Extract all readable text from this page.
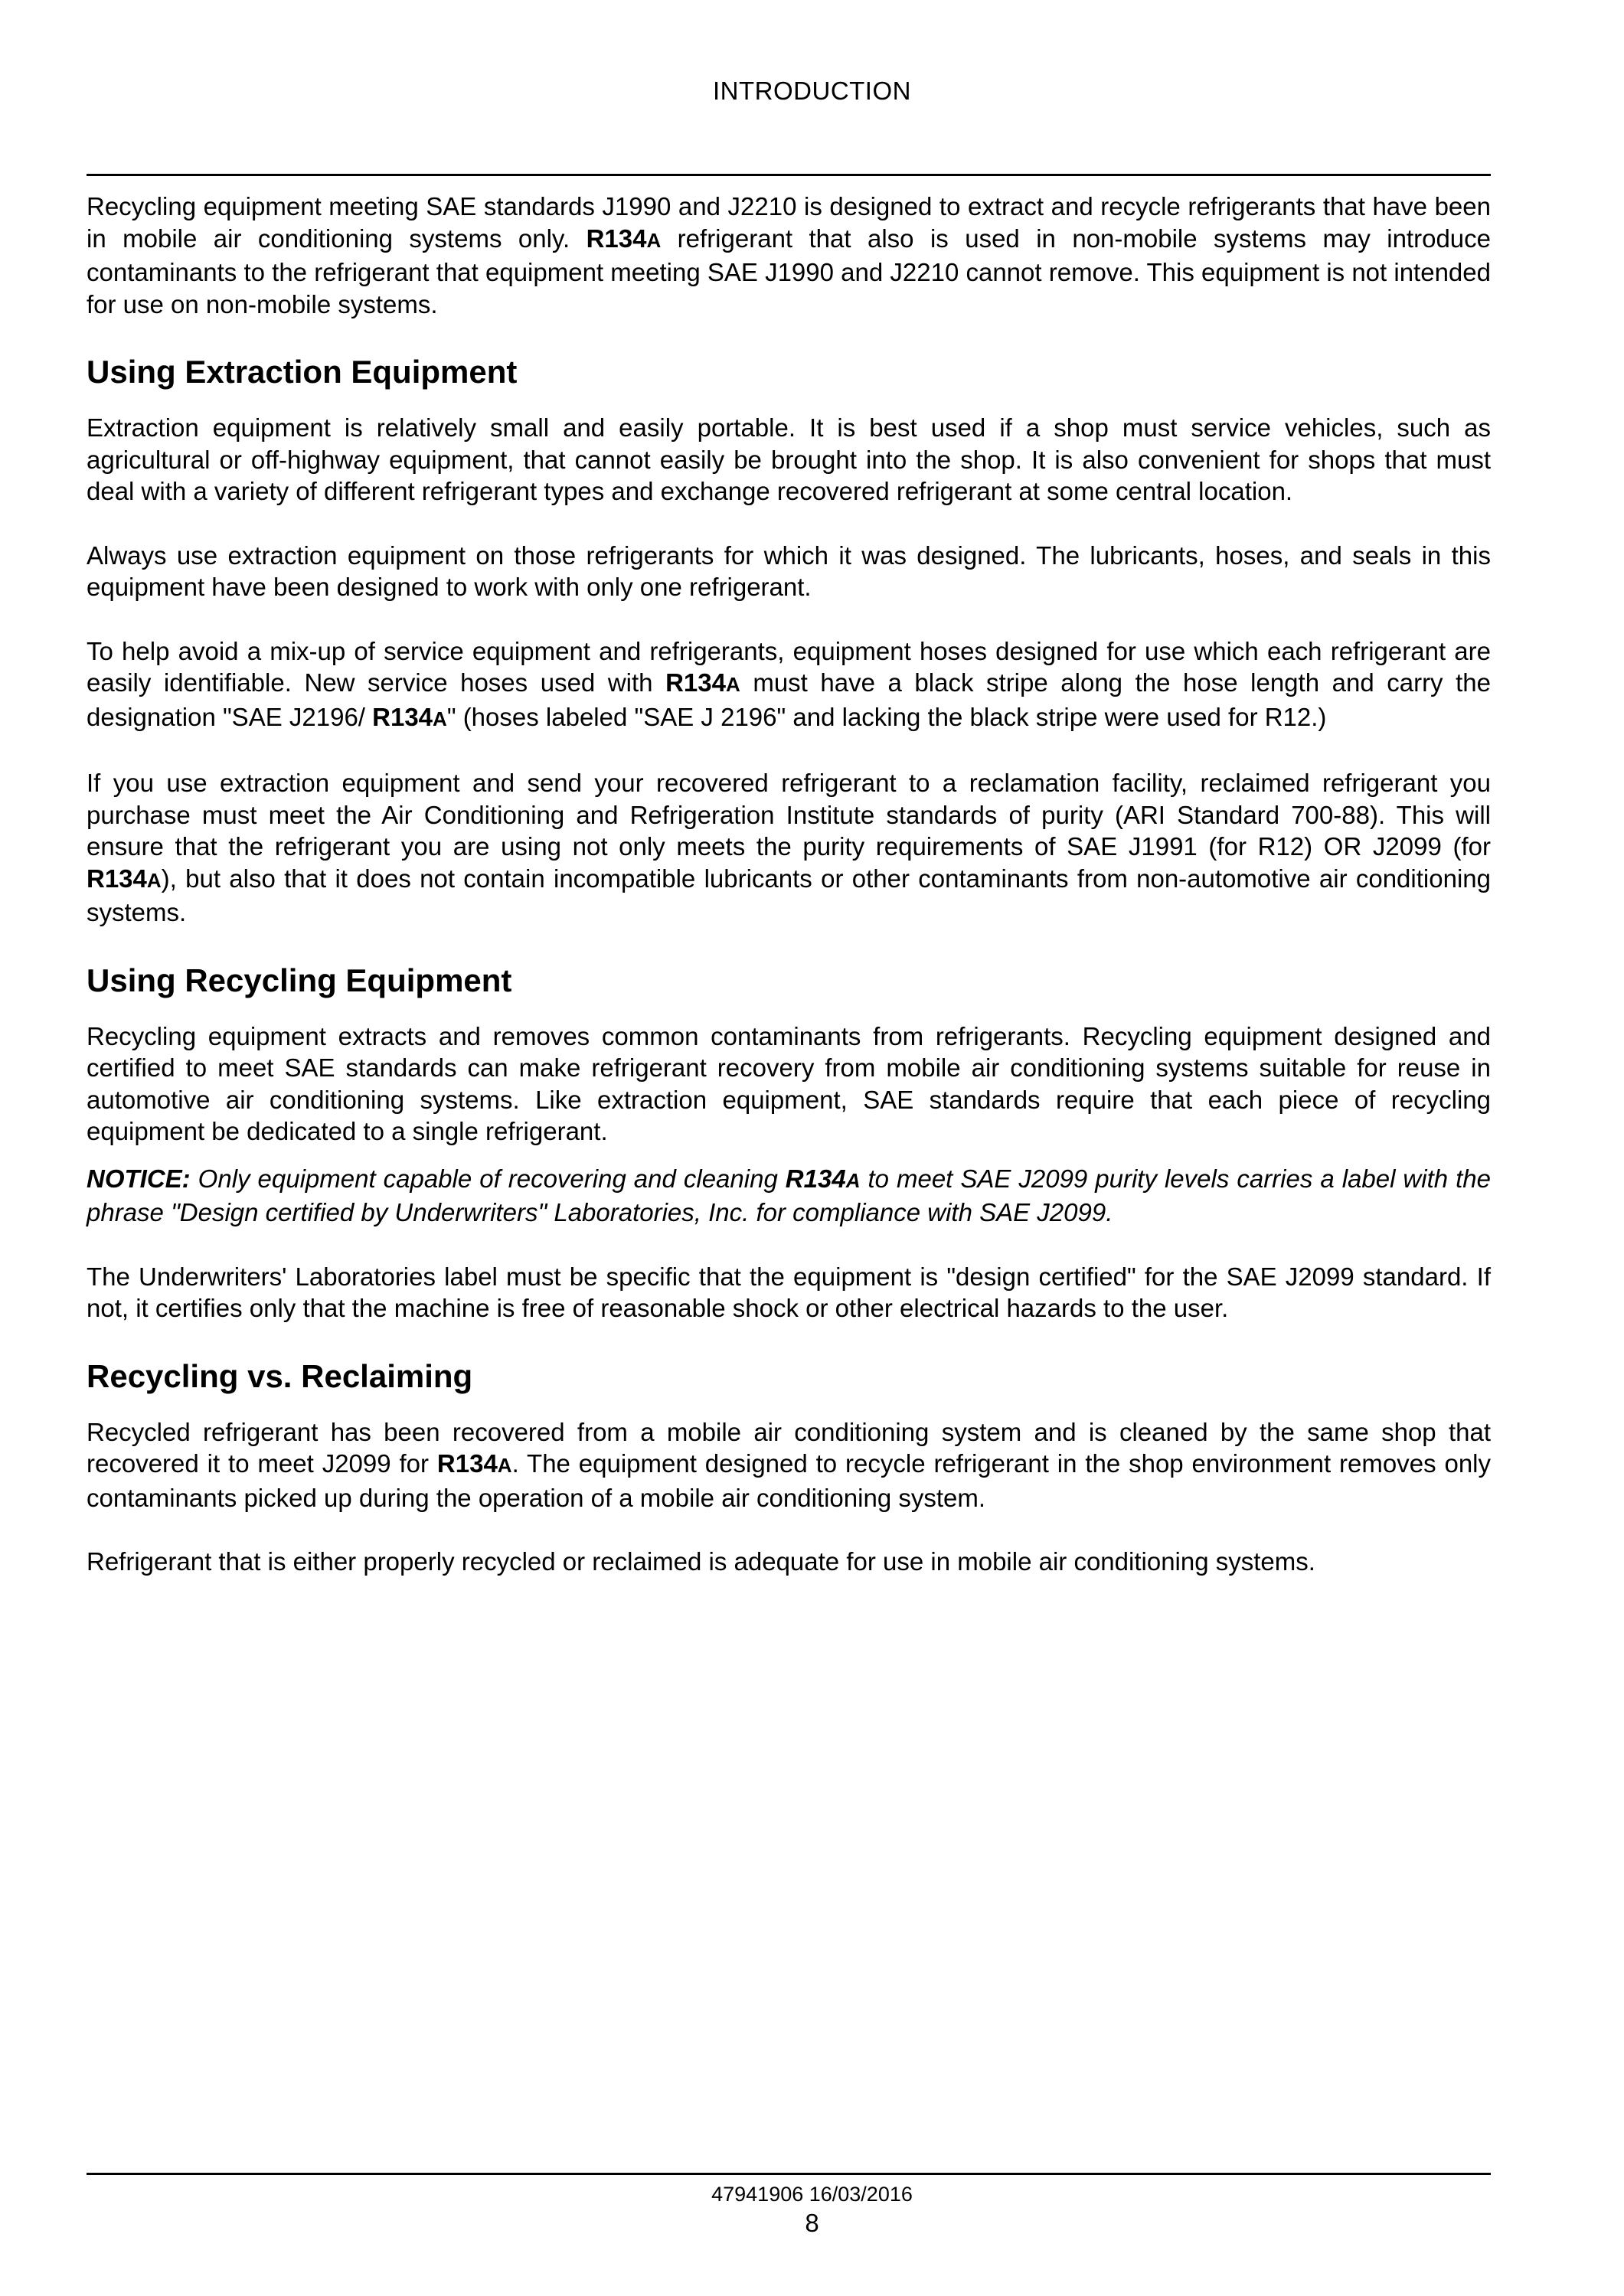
INTRODUCTION

Recycling equipment meeting SAE standards J1990 and J2210 is designed to extract and recycle refrigerants that have been in mobile air conditioning systems only. R134A refrigerant that also is used in non-mobile systems may introduce contaminants to the refrigerant that equipment meeting SAE J1990 and J2210 cannot remove. This equipment is not intended for use on non-mobile systems.

Using Extraction Equipment

Extraction equipment is relatively small and easily portable. It is best used if a shop must service vehicles, such as agricultural or off-highway equipment, that cannot easily be brought into the shop. It is also convenient for shops that must deal with a variety of different refrigerant types and exchange recovered refrigerant at some central location.

Always use extraction equipment on those refrigerants for which it was designed. The lubricants, hoses, and seals in this equipment have been designed to work with only one refrigerant.

To help avoid a mix-up of service equipment and refrigerants, equipment hoses designed for use which each refrigerant are easily identifiable. New service hoses used with R134A must have a black stripe along the hose length and carry the designation "SAE J2196/ R134A" (hoses labeled "SAE J 2196" and lacking the black stripe were used for R12.)

If you use extraction equipment and send your recovered refrigerant to a reclamation facility, reclaimed refrigerant you purchase must meet the Air Conditioning and Refrigeration Institute standards of purity (ARI Standard 700-88). This will ensure that the refrigerant you are using not only meets the purity requirements of SAE J1991 (for R12) OR J2099 (for R134A), but also that it does not contain incompatible lubricants or other contaminants from non-automotive air conditioning systems.

Using Recycling Equipment

Recycling equipment extracts and removes common contaminants from refrigerants. Recycling equipment designed and certified to meet SAE standards can make refrigerant recovery from mobile air conditioning systems suitable for reuse in automotive air conditioning systems. Like extraction equipment, SAE standards require that each piece of recycling equipment be dedicated to a single refrigerant.

NOTICE: Only equipment capable of recovering and cleaning R134A to meet SAE J2099 purity levels carries a label with the phrase "Design certified by Underwriters" Laboratories, Inc. for compliance with SAE J2099.

The Underwriters' Laboratories label must be specific that the equipment is "design certified" for the SAE J2099 standard. If not, it certifies only that the machine is free of reasonable shock or other electrical hazards to the user.

Recycling vs. Reclaiming

Recycled refrigerant has been recovered from a mobile air conditioning system and is cleaned by the same shop that recovered it to meet J2099 for R134A. The equipment designed to recycle refrigerant in the shop environment removes only contaminants picked up during the operation of a mobile air conditioning system.

Refrigerant that is either properly recycled or reclaimed is adequate for use in mobile air conditioning systems.

47941906 16/03/2016
8
